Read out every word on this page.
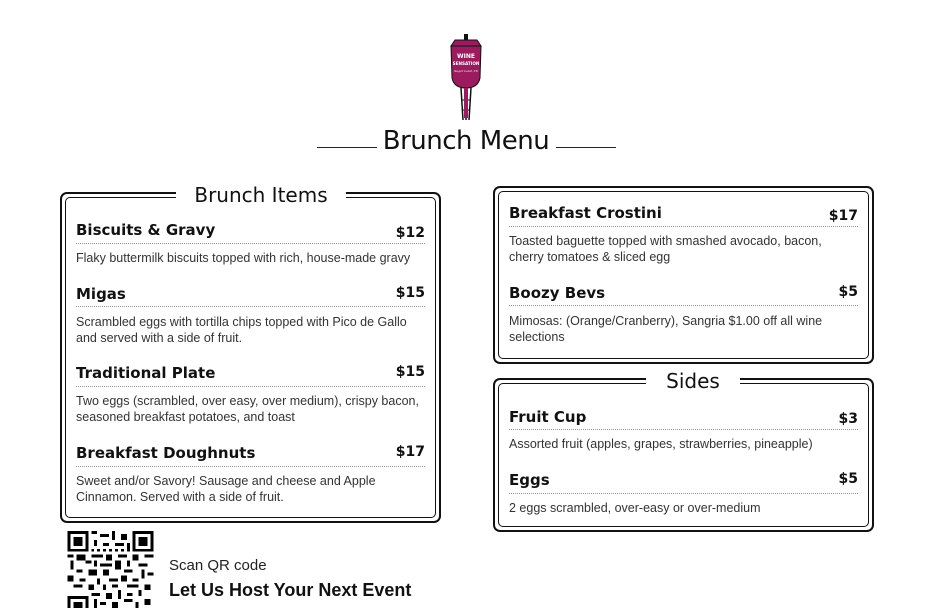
WINE
SENSATION
Sugar Land, TX
Brunch Menu
Brunch Items
Biscuits & Gravy	$12
Flaky buttermilk biscuits topped with rich, house-made gravy
Migas	$15
Scrambled eggs with tortilla chips topped with Pico de Gallo and served with a side of fruit.
Traditional Plate	$15
Two eggs (scrambled, over easy, over medium), crispy bacon, seasoned breakfast potatoes, and toast
Breakfast Doughnuts	$17
Sweet and/or Savory! Sausage and cheese and Apple Cinnamon. Served with a side of fruit.
Breakfast Crostini	$17
Toasted baguette topped with smashed avocado, bacon, cherry tomatoes & sliced egg
Boozy Bevs	$5
Mimosas: (Orange/Cranberry), Sangria $1.00 off all wine selections
Sides
Fruit Cup	$3
Assorted fruit (apples, grapes, strawberries, pineapple)
Eggs	$5
2 eggs scrambled, over-easy or over-medium
Scan QR code
Let Us Host Your Next Event
